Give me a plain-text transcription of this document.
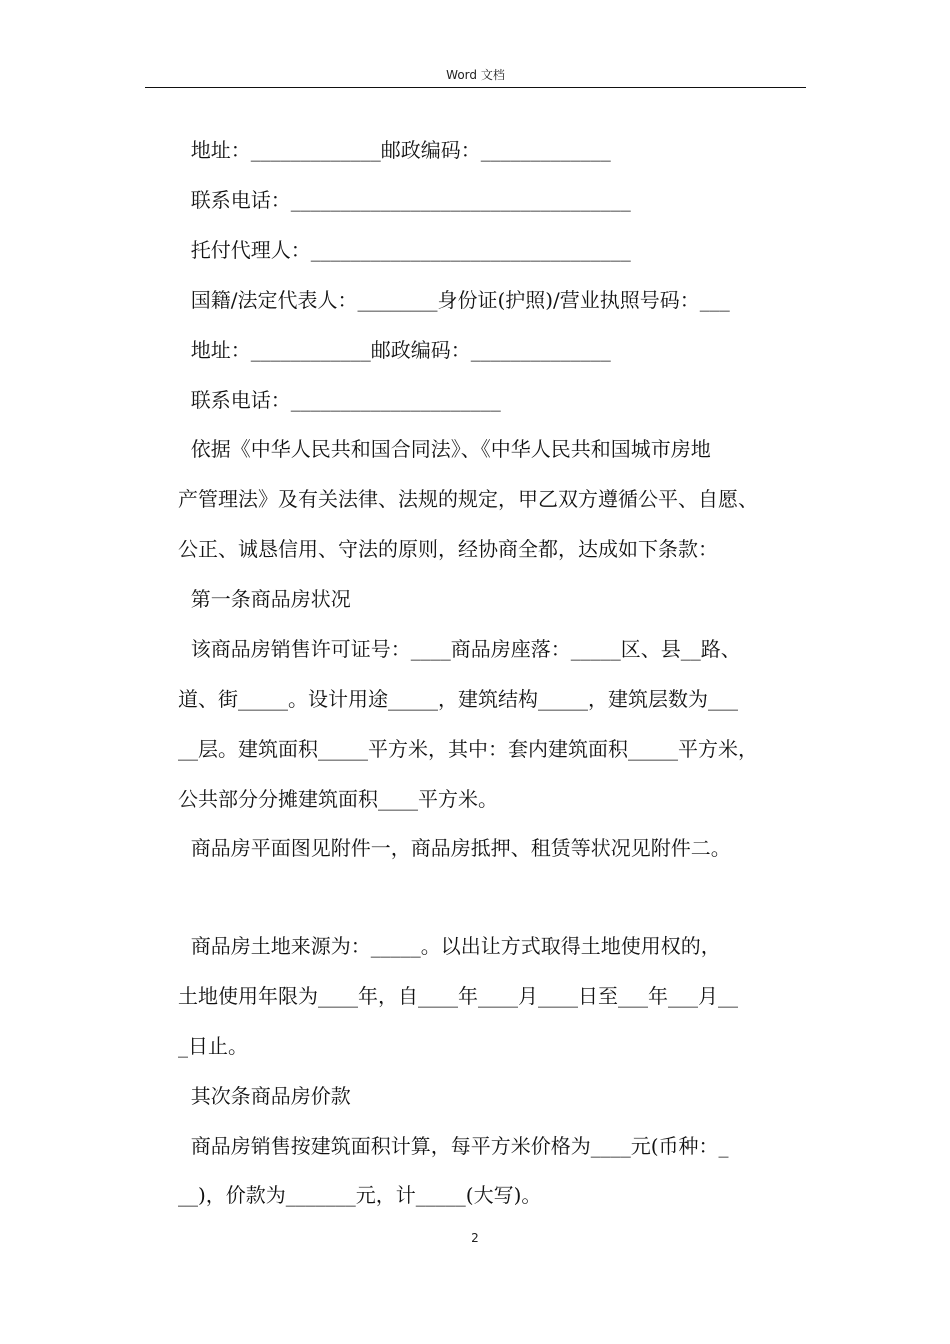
Word 文档
地址：_____________邮政编码：_____________
联系电话：__________________________________
托付代理人：________________________________
国籍/法定代表人：________身份证(护照)/营业执照号码：___
地址：____________邮政编码：______________
联系电话：_____________________
依据《中华人民共和国合同法》、《中华人民共和国城市房地
产管理法》及有关法律、法规的规定，甲乙双方遵循公平、自愿、
公正、诚恳信用、守法的原则，经协商全都，达成如下条款：
第一条商品房状况
该商品房销售许可证号：____商品房座落：_____区、县__路、
道、街_____。设计用途_____，建筑结构_____，建筑层数为___
__层。建筑面积_____平方米，其中：套内建筑面积_____平方米，
公共部分分摊建筑面积____平方米。
商品房平面图见附件一，商品房抵押、租赁等状况见附件二。
商品房土地来源为：_____。以出让方式取得土地使用权的，
土地使用年限为____年，自____年____月____日至___年___月__
_日止。
其次条商品房价款
商品房销售按建筑面积计算，每平方米价格为____元(币种：_
__)，价款为_______元，计_____(大写)。
2
